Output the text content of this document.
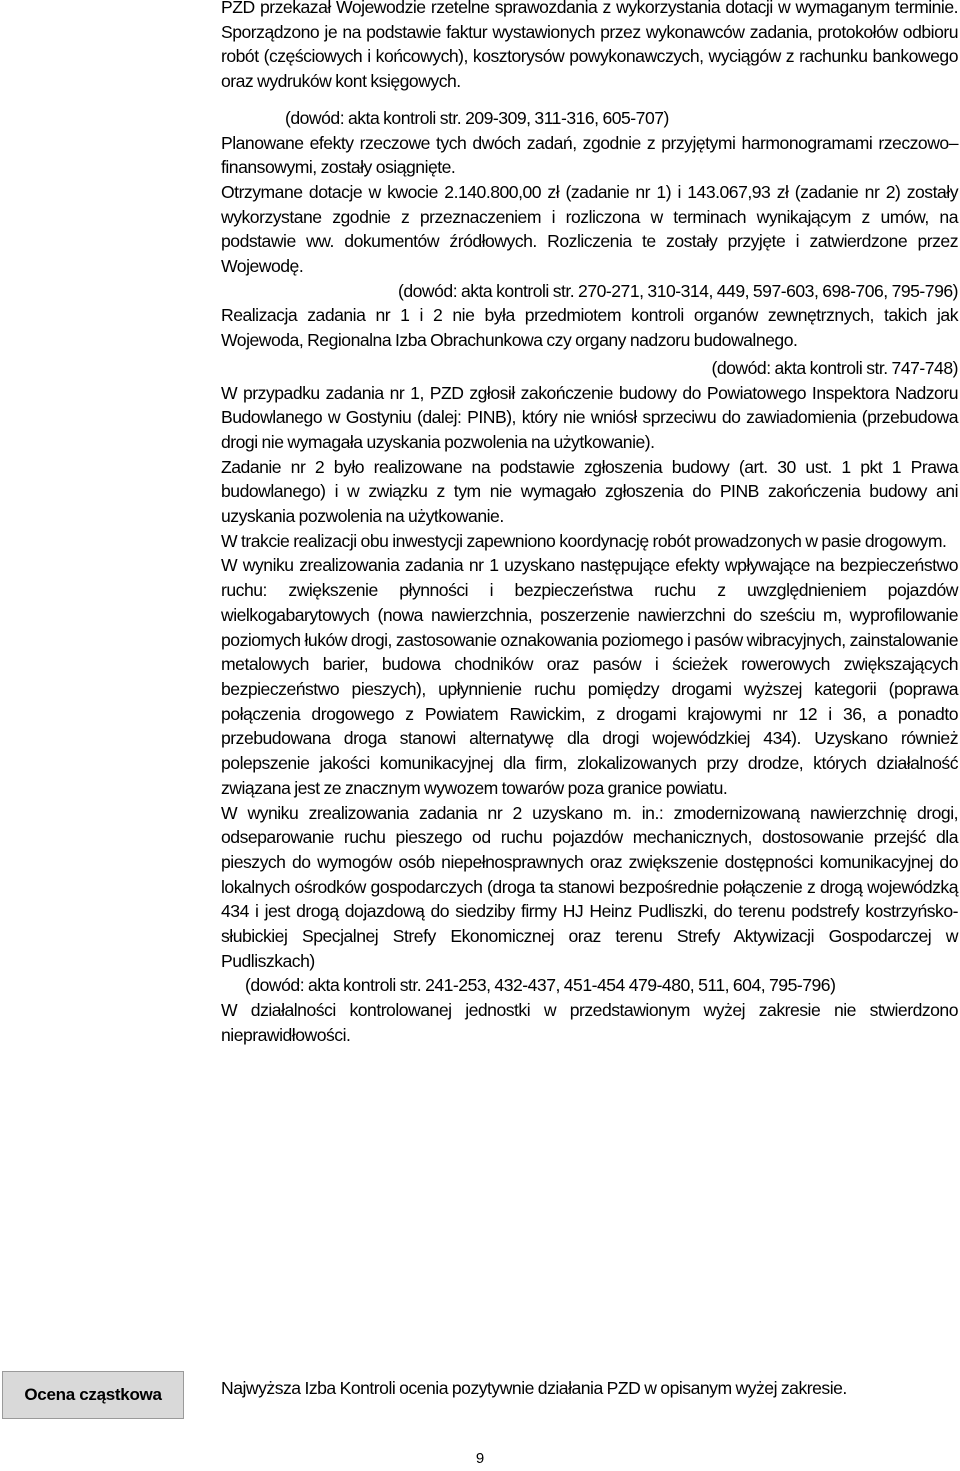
PZD przekazał Wojewodzie rzetelne sprawozdania z wykorzystania dotacji w wymaganym terminie. Sporządzono je na podstawie faktur wystawionych przez wykonawców zadania, protokołów odbioru robót (częściowych i końcowych), kosztorysów powykonawczych, wyciągów z rachunku bankowego oraz wydruków kont księgowych.

(dowód: akta kontroli str. 209-309, 311-316, 605-707)

Planowane efekty rzeczowe tych dwóch zadań, zgodnie z przyjętymi harmonogramami rzeczowo–finansowymi, zostały osiągnięte.

Otrzymane dotacje w kwocie 2.140.800,00 zł (zadanie nr 1) i 143.067,93 zł (zadanie nr 2) zostały wykorzystane zgodnie z przeznaczeniem i rozliczona w terminach wynikającym z umów, na podstawie ww. dokumentów źródłowych. Rozliczenia te zostały przyjęte i zatwierdzone przez Wojewodę.

(dowód: akta kontroli str. 270-271, 310-314, 449, 597-603, 698-706, 795-796)

Realizacja zadania nr 1 i 2 nie była przedmiotem kontroli organów zewnętrznych, takich jak Wojewoda, Regionalna Izba Obrachunkowa czy organy nadzoru budowalnego.

(dowód: akta kontroli str. 747-748)

W przypadku zadania nr 1, PZD zgłosił zakończenie budowy do Powiatowego Inspektora Nadzoru Budowlanego w Gostyniu (dalej: PINB), który nie wniósł sprzeciwu do zawiadomienia (przebudowa drogi nie wymagała uzyskania pozwolenia na użytkowanie).

Zadanie nr 2 było realizowane na podstawie zgłoszenia budowy (art. 30 ust. 1 pkt 1 Prawa budowlanego) i w związku z tym nie wymagało zgłoszenia do PINB zakończenia budowy ani uzyskania pozwolenia na użytkowanie.

W trakcie realizacji obu inwestycji zapewniono koordynację robót prowadzonych w pasie drogowym.

W wyniku zrealizowania zadania nr 1 uzyskano następujące efekty wpływające na bezpieczeństwo ruchu: zwiększenie płynności i bezpieczeństwa ruchu z uwzględnieniem pojazdów wielkogabarytowych (nowa nawierzchnia, poszerzenie nawierzchni do sześciu m, wyprofilowanie poziomych łuków drogi, zastosowanie oznakowania poziomego i pasów wibracyjnych, zainstalowanie metalowych barier, budowa chodników oraz pasów i ścieżek rowerowych zwiększających bezpieczeństwo pieszych), upłynnienie ruchu pomiędzy drogami wyższej kategorii (poprawa połączenia drogowego z Powiatem Rawickim, z drogami krajowymi nr 12 i 36, a ponadto przebudowana droga stanowi alternatywę dla drogi wojewódzkiej 434). Uzyskano również polepszenie jakości komunikacyjnej dla firm, zlokalizowanych przy drodze, których działalność związana jest ze znacznym wywozem towarów poza granice powiatu.

W wyniku zrealizowania zadania nr 2 uzyskano m. in.: zmodernizowaną nawierzchnię drogi, odseparowanie ruchu pieszego od ruchu pojazdów mechanicznych, dostosowanie przejść dla pieszych do wymogów osób niepełnosprawnych oraz zwiększenie dostępności komunikacyjnej do lokalnych ośrodków gospodarczych (droga ta stanowi bezpośrednie połączenie z drogą wojewódzką 434 i jest drogą dojazdową do siedziby firmy HJ Heinz Pudliszki, do terenu podstrefy kostrzyńsko-słubickiej Specjalnej Strefy Ekonomicznej oraz terenu Strefy Aktywizacji Gospodarczej w Pudliszkach)

(dowód: akta kontroli str. 241-253, 432-437, 451-454 479-480, 511, 604, 795-796)

W działalności kontrolowanej jednostki w przedstawionym wyżej zakresie nie stwierdzono nieprawidłowości.

Ocena cząstkowa	Najwyższa Izba Kontroli ocenia pozytywnie działania PZD w opisanym wyżej zakresie.

9
